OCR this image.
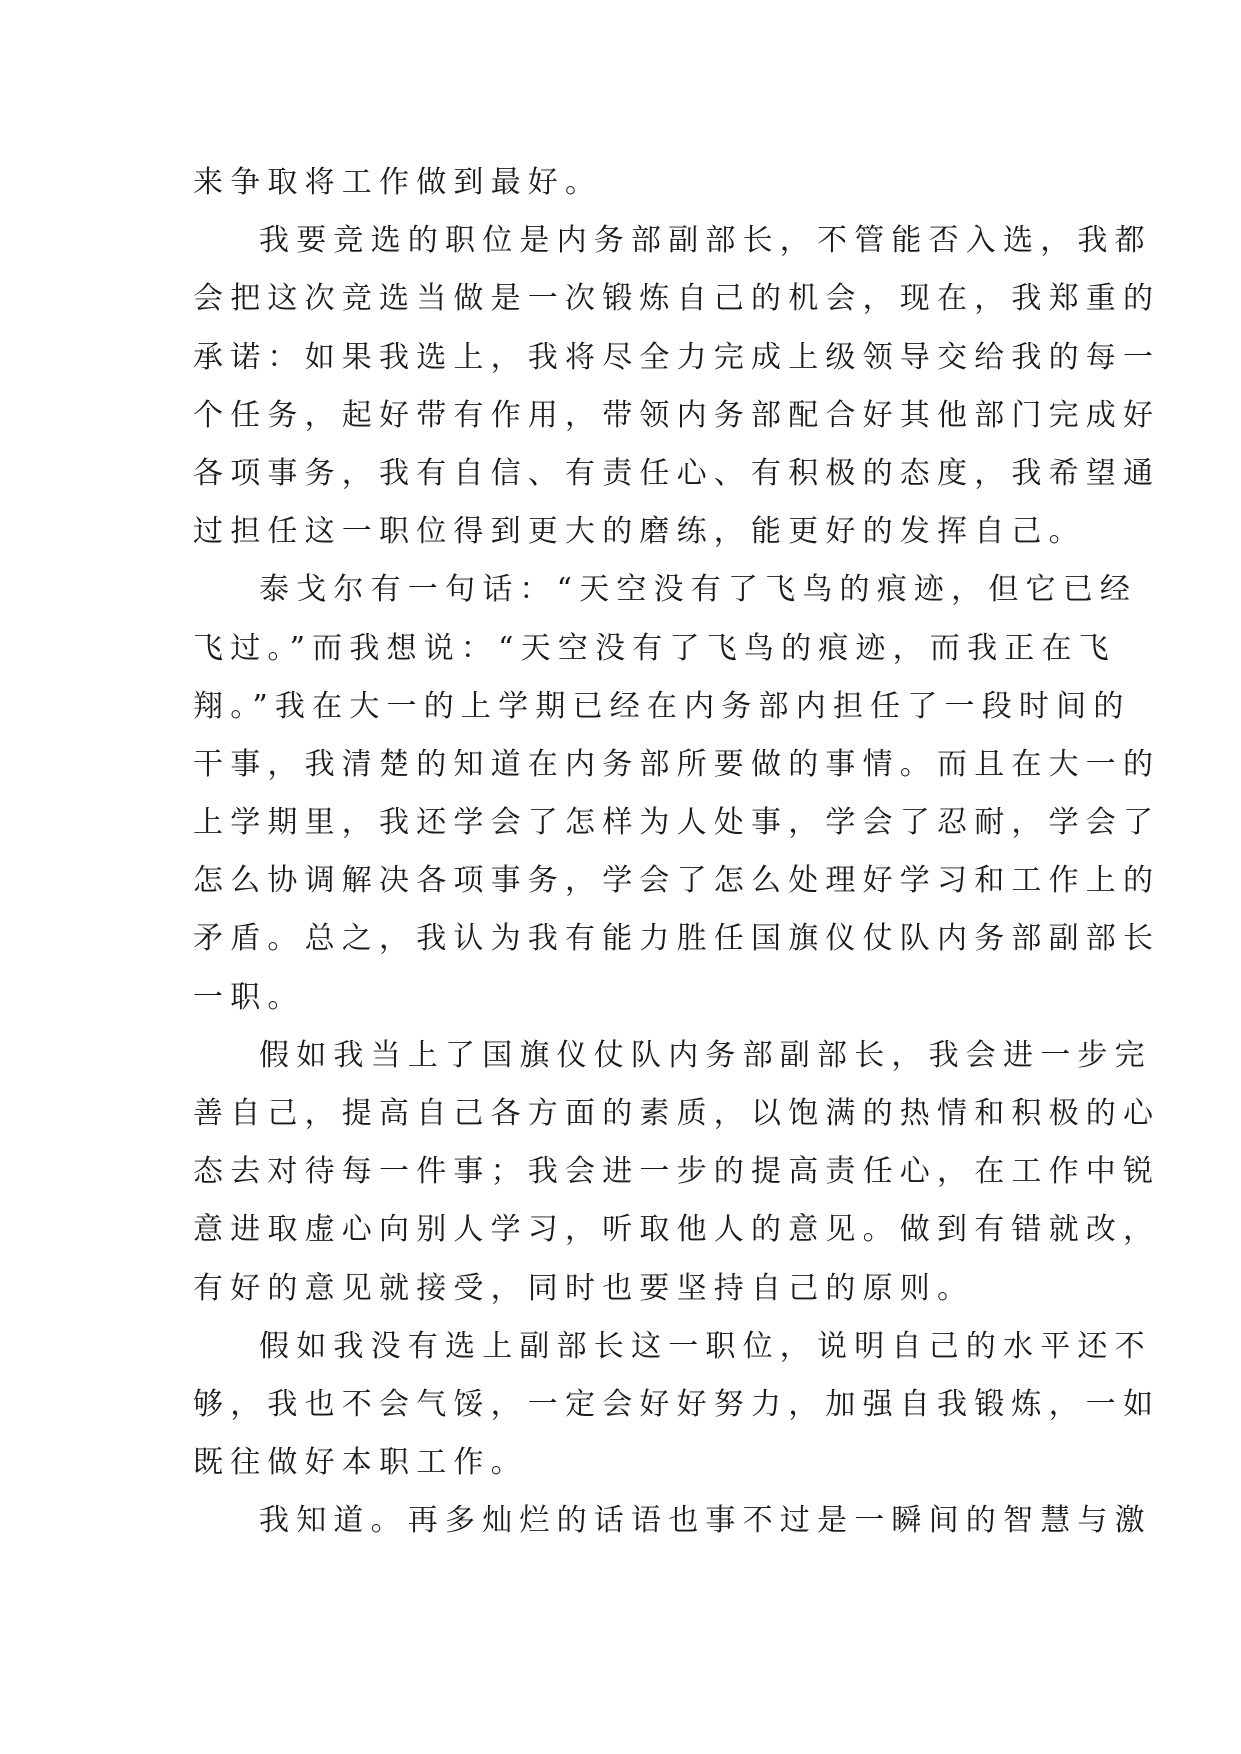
来争取将工作做到最好。
我要竞选的职位是内务部副部长，不管能否入选，我都
会把这次竞选当做是一次锻炼自己的机会，现在，我郑重的
承诺：如果我选上，我将尽全力完成上级领导交给我的每一
个任务，起好带有作用，带领内务部配合好其他部门完成好
各项事务，我有自信、有责任心、有积极的态度，我希望通
过担任这一职位得到更大的磨练，能更好的发挥自己。
泰戈尔有一句话：“天空没有了飞鸟的痕迹，但它已经
飞过。”而我想说：“天空没有了飞鸟的痕迹，而我正在飞
翔。”我在大一的上学期已经在内务部内担任了一段时间的
干事，我清楚的知道在内务部所要做的事情。而且在大一的
上学期里，我还学会了怎样为人处事，学会了忍耐，学会了
怎么协调解决各项事务，学会了怎么处理好学习和工作上的
矛盾。总之，我认为我有能力胜任国旗仪仗队内务部副部长
一职。
假如我当上了国旗仪仗队内务部副部长，我会进一步完
善自己，提高自己各方面的素质，以饱满的热情和积极的心
态去对待每一件事；我会进一步的提高责任心，在工作中锐
意进取虚心向别人学习，听取他人的意见。做到有错就改，
有好的意见就接受，同时也要坚持自己的原则。
假如我没有选上副部长这一职位，说明自己的水平还不
够，我也不会气馁，一定会好好努力，加强自我锻炼，一如
既往做好本职工作。
我知道。再多灿烂的话语也事不过是一瞬间的智慧与激
